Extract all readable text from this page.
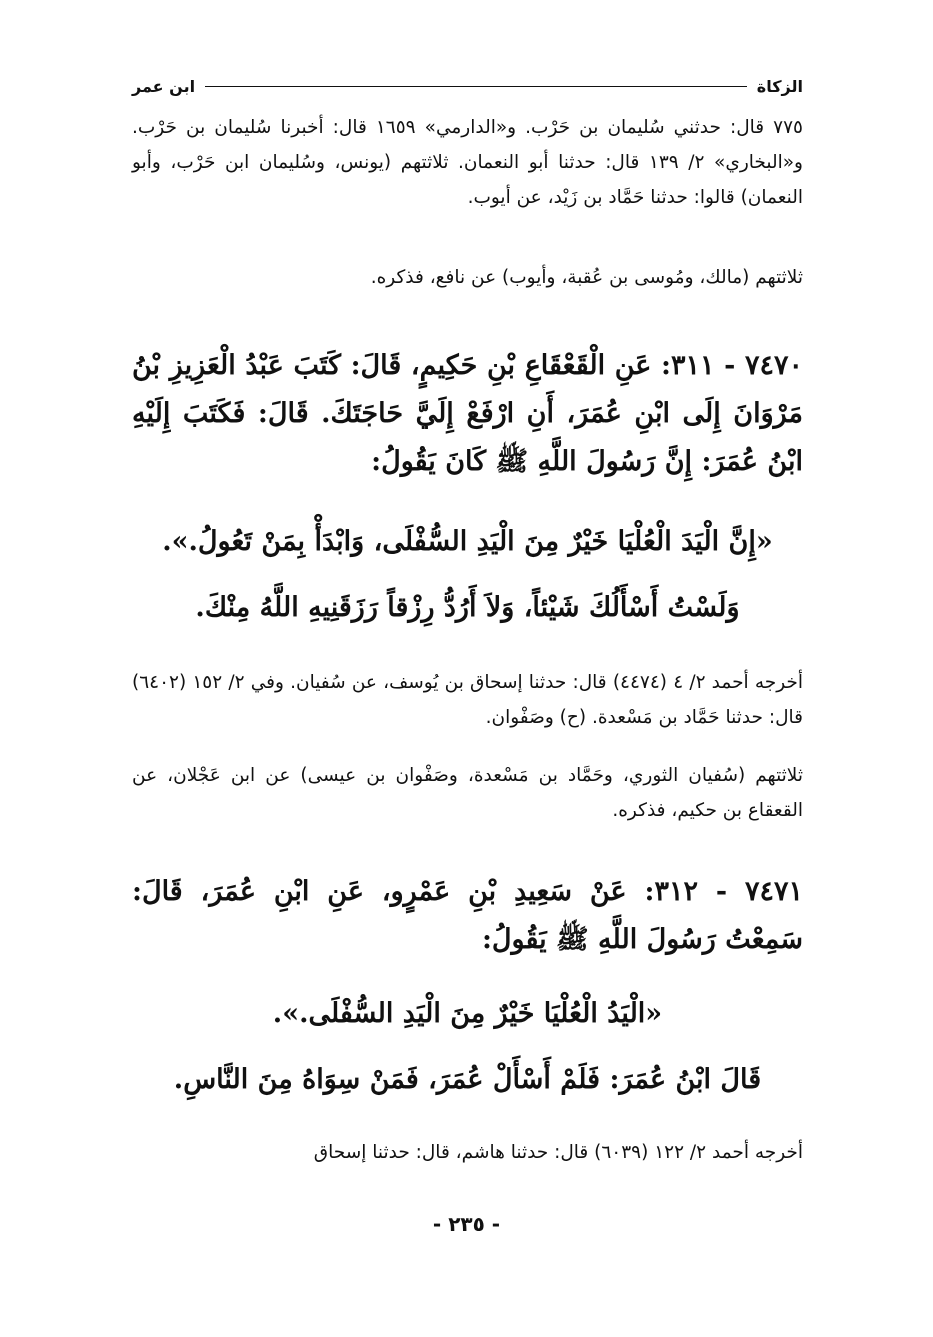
الزكاة
ابن عمر
٧٧٥ قال: حدثني سُليمان بن حَرْب. و«الدارمي» ١٦٥٩ قال: أخبرنا سُليمان بن حَرْب. و«البخاري» ٢/ ١٣٩ قال: حدثنا أبو النعمان. ثلاثتهم (يونس، وسُليمان ابن حَرْب، وأبو النعمان) قالوا: حدثنا حَمَّاد بن زَيْد، عن أيوب.
ثلاثتهم (مالك، ومُوسى بن عُقبة، وأيوب) عن نافع، فذكره.
٧٤٧٠ - ٣١١: عَنِ الْقَعْقَاعِ بْنِ حَكِيمٍ، قَالَ: كَتَبَ عَبْدُ الْعَزِيزِ بْنُ مَرْوَانَ إِلَى ابْنِ عُمَرَ، أَنِ ارْفَعْ إِلَيَّ حَاجَتَكَ. قَالَ: فَكَتَبَ إِلَيْهِ ابْنُ عُمَرَ: إِنَّ رَسُولَ اللَّهِ ﷺ كَانَ يَقُولُ:
«إِنَّ الْيَدَ الْعُلْيَا خَيْرٌ مِنَ الْيَدِ السُّفْلَى، وَابْدَأْ بِمَنْ تَعُولُ.».
وَلَسْتُ أَسْأَلُكَ شَيْئاً، وَلاَ أَرُدُّ رِزْقاً رَزَقَنِيهِ اللَّهُ مِنْكَ.
أخرجه أحمد ٢/ ٤ (٤٤٧٤) قال: حدثنا إسحاق بن يُوسف، عن سُفيان. وفي ٢/ ١٥٢ (٦٤٠٢) قال: حدثنا حَمَّاد بن مَسْعدة. (ح) وصَفْوان.
ثلاثتهم (سُفيان الثوري، وحَمَّاد بن مَسْعدة، وصَفْوان بن عيسى) عن ابن عَجْلان، عن القعقاع بن حكيم، فذكره.
٧٤٧١ - ٣١٢: عَنْ سَعِيدِ بْنِ عَمْرٍو، عَنِ ابْنِ عُمَرَ، قَالَ: سَمِعْتُ رَسُولَ اللَّهِ ﷺ يَقُولُ:
«الْيَدُ الْعُلْيَا خَيْرٌ مِنَ الْيَدِ السُّفْلَى.».
قَالَ ابْنُ عُمَرَ: فَلَمْ أَسْأَلْ عُمَرَ، فَمَنْ سِوَاهُ مِنَ النَّاسِ.
أخرجه أحمد ٢/ ١٢٢ (٦٠٣٩) قال: حدثنا هاشم، قال: حدثنا إسحاق
- ٢٣٥ -
